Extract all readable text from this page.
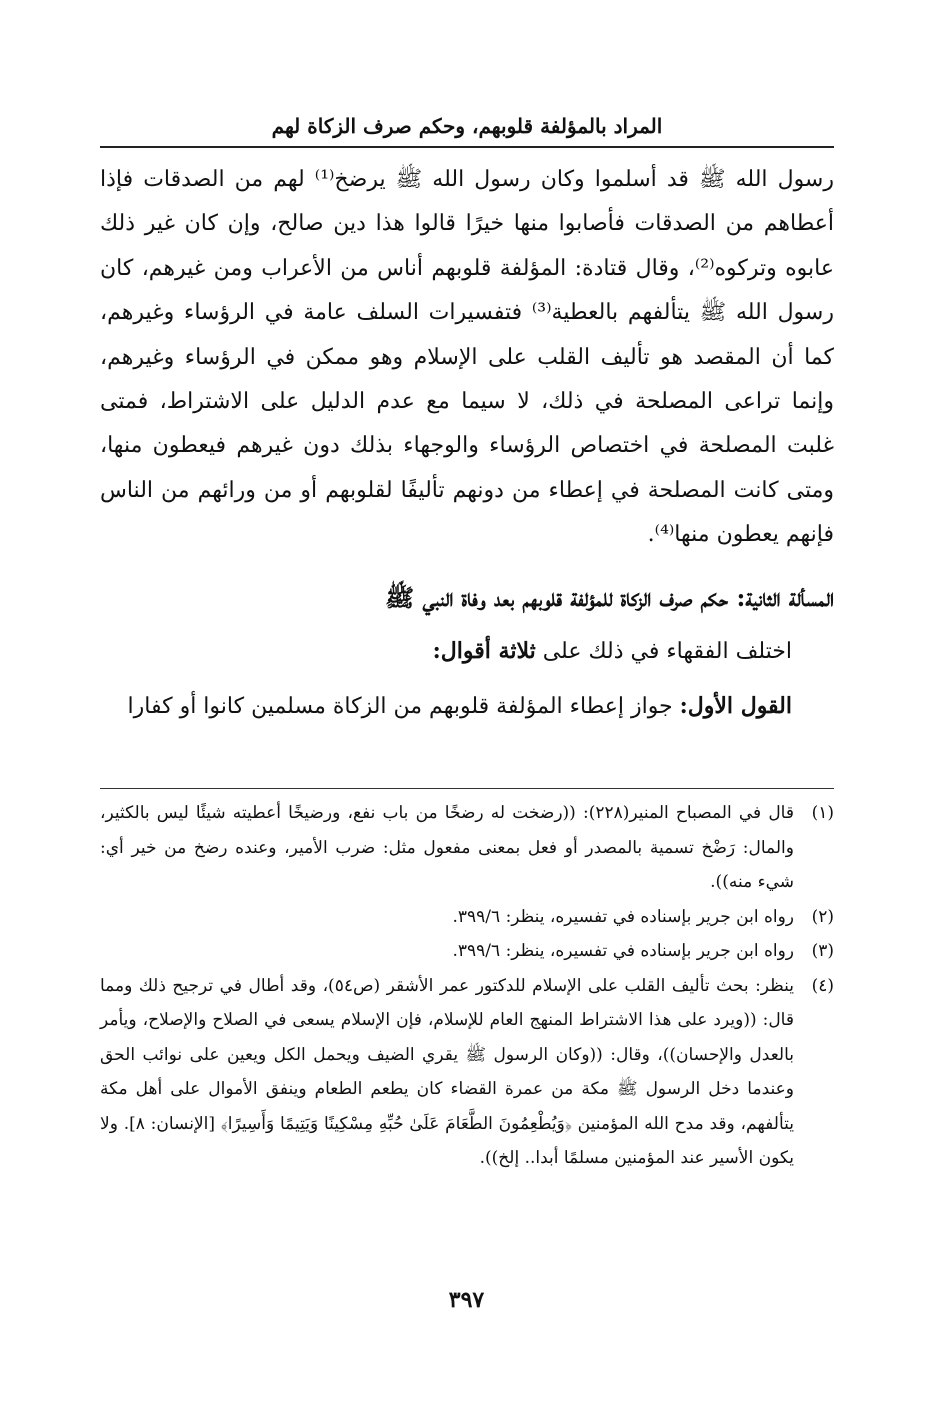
المراد بالمؤلفة قلوبهم، وحكم صرف الزكاة لهم

رسول الله ﷺ قد أسلموا وكان رسول الله ﷺ يرضخ⁽¹⁾ لهم من الصدقات فإذا أعطاهم من الصدقات فأصابوا منها خيرًا قالوا هذا دين صالح، وإن كان غير ذلك عابوه وتركوه⁽²⁾، وقال قتادة: المؤلفة قلوبهم أناس من الأعراب ومن غيرهم، كان رسول الله ﷺ يتألفهم بالعطية⁽³⁾ فتفسيرات السلف عامة في الرؤساء وغيرهم، كما أن المقصد هو تأليف القلب على الإسلام وهو ممكن في الرؤساء وغيرهم، وإنما تراعى المصلحة في ذلك، لا سيما مع عدم الدليل على الاشتراط، فمتى غلبت المصلحة في اختصاص الرؤساء والوجهاء بذلك دون غيرهم فيعطون منها، ومتى كانت المصلحة في إعطاء من دونهم تأليفًا لقلوبهم أو من ورائهم من الناس فإنهم يعطون منها⁽⁴⁾.

المسألة الثانية: حكم صرف الزكاة للمؤلفة قلوبهم بعد وفاة النبي ﷺ

اختلف الفقهاء في ذلك على ثلاثة أقوال:

القول الأول: جواز إعطاء المؤلفة قلوبهم من الزكاة مسلمين كانوا أو كفارا

(١)
قال في المصباح المنير(٢٢٨): ((رضخت له رضخًا من باب نفع، ورضيخًا أعطيته شيئًا ليس بالكثير، والمال: رَضْخ تسمية بالمصدر أو فعل بمعنى مفعول مثل: ضرب الأمير، وعنده رضخ من خير أي: شيء منه)).

(٢)
رواه ابن جرير بإسناده في تفسيره، ينظر: ٣٩٩/٦.

(٣)
رواه ابن جرير بإسناده في تفسيره، ينظر: ٣٩٩/٦.

(٤)
ينظر: بحث تأليف القلب على الإسلام للدكتور عمر الأشقر (ص٥٤)، وقد أطال في ترجيح ذلك ومما قال: ((ويرد على هذا الاشتراط المنهج العام للإسلام، فإن الإسلام يسعى في الصلاح والإصلاح، ويأمر بالعدل والإحسان))، وقال: ((وكان الرسول ﷺ يقري الضيف ويحمل الكل ويعين على نوائب الحق وعندما دخل الرسول ﷺ مكة من عمرة القضاء كان يطعم الطعام وينفق الأموال على أهل مكة يتألفهم، وقد مدح الله المؤمنين ﴿وَيُطْعِمُونَ الطَّعَامَ عَلَىٰ حُبِّهِ مِسْكِينًا وَيَتِيمًا وَأَسِيرًا﴾ [الإنسان: ٨]. ولا يكون الأسير عند المؤمنين مسلمًا أبدا.. إلخ)).

٣٩٧
